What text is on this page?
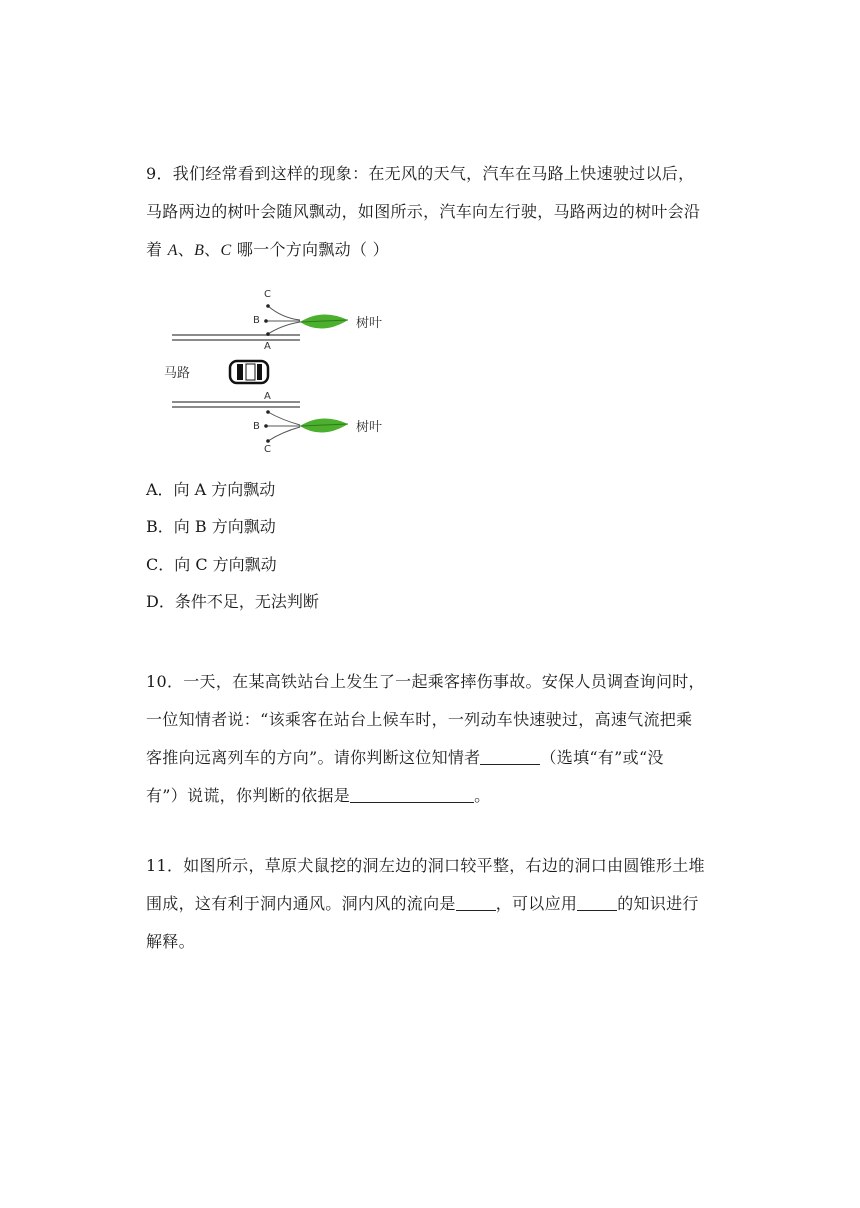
9．我们经常看到这样的现象：在无风的天气，汽车在马路上快速驶过以后，
马路两边的树叶会随风飘动，如图所示，汽车向左行驶，马路两边的树叶会沿
着 A、B、C 哪一个方向飘动（ ）
马路
C
B
A
树叶
A
B
C
树叶
A．向 A 方向飘动
B．向 B 方向飘动
C．向 C 方向飘动
D．条件不足，无法判断
10．一天，在某高铁站台上发生了一起乘客摔伤事故。安保人员调查询问时，
一位知情者说：“该乘客在站台上候车时，一列动车快速驶过，高速气流把乘
客推向远离列车的方向”。请你判断这位知情者	（选填“有”或“没
有”）说谎，你判断的依据是	。
11．如图所示，草原犬鼠挖的洞左边的洞口较平整，右边的洞口由圆锥形土堆
围成，这有利于洞内通风。洞内风的流向是	，可以应用	的知识进行
解释。
